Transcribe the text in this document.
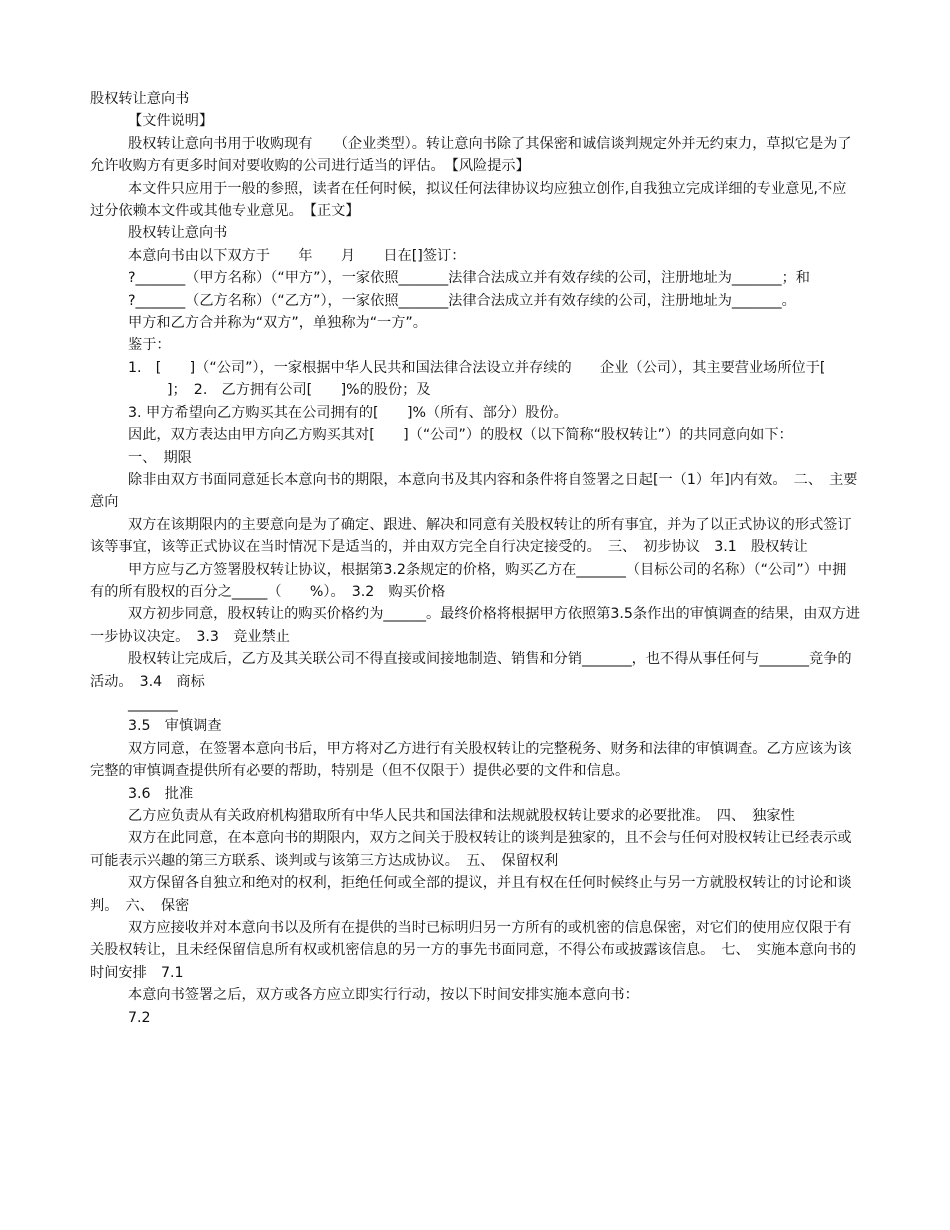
股权转让意向书

【文件说明】

股权转让意向书用于收购现有　　（企业类型）。转让意向书除了其保密和诚信谈判规定外并无约束力，草拟它是为了允许收购方有更多时间对要收购的公司进行适当的评估。　【风险提示】

本文件只应用于一般的参照，读者在任何时候，拟议任何法律协议均应独立创作,自我独立完成详细的专业意见,不应过分依赖本文件或其他专业意见。　【正文】

股权转让意向书

本意向书由以下双方于　　年　　月　　日在[]签订：

?_______（甲方名称）（“甲方”），一家依照_______法律合法成立并有效存续的公司，注册地址为_______；和

?_______（乙方名称）（“乙方”），一家依照_______法律合法成立并有效存续的公司，注册地址为_______。

甲方和乙方合并称为“双方”，单独称为“一方”。

鉴于：

1.　[　　]（“公司”），一家根据中华人民共和国法律合法设立并存续的　　企业（公司），其主要营业场所位于[　　]；　2.　乙方拥有公司[　　]%的股份；及

3. 甲方希望向乙方购买其在公司拥有的[　　]%（所有、部分）股份。

因此，双方表达由甲方向乙方购买其对[　　]（“公司”）的股权（以下简称“股权转让”）的共同意向如下：

一、　期限

除非由双方书面同意延长本意向书的期限，本意向书及其内容和条件将自签署之日起[一（1）年]内有效。　二、　主要意向

双方在该期限内的主要意向是为了确定、跟进、解决和同意有关股权转让的所有事宜，并为了以正式协议的形式签订该等事宜，该等正式协议在当时情况下是适当的，并由双方完全自行决定接受的。　三、　初步协议　3.1　股权转让

甲方应与乙方签署股权转让协议，根据第3.2条规定的价格，购买乙方在_______（目标公司的名称）（“公司”）中拥有的所有股权的百分之_____（　　%）。　3.2　购买价格

双方初步同意，股权转让的购买价格约为______。最终价格将根据甲方依照第3.5条作出的审慎调查的结果，由双方进一步协议决定。　3.3　竞业禁止

股权转让完成后，乙方及其关联公司不得直接或间接地制造、销售和分销_______，也不得从事任何与_______竞争的活动。　3.4　商标

_______

3.5　审慎调查

双方同意，在签署本意向书后，甲方将对乙方进行有关股权转让的完整税务、财务和法律的审慎调查。乙方应该为该完整的审慎调查提供所有必要的帮助，特别是（但不仅限于）提供必要的文件和信息。

3.6　批准

乙方应负责从有关政府机构猎取所有中华人民共和国法律和法规就股权转让要求的必要批准。　四、　独家性

双方在此同意，在本意向书的期限内，双方之间关于股权转让的谈判是独家的，且不会与任何对股权转让已经表示或可能表示兴趣的第三方联系、谈判或与该第三方达成协议。　五、　保留权利

双方保留各自独立和绝对的权利，拒绝任何或全部的提议，并且有权在任何时候终止与另一方就股权转让的讨论和谈判。　六、　保密

双方应接收并对本意向书以及所有在提供的当时已标明归另一方所有的或机密的信息保密，对它们的使用应仅限于有关股权转让，且未经保留信息所有权或机密信息的另一方的事先书面同意，不得公布或披露该信息。　七、　实施本意向书的时间安排　7.1

本意向书签署之后，双方或各方应立即实行行动，按以下时间安排实施本意向书：

7.2
